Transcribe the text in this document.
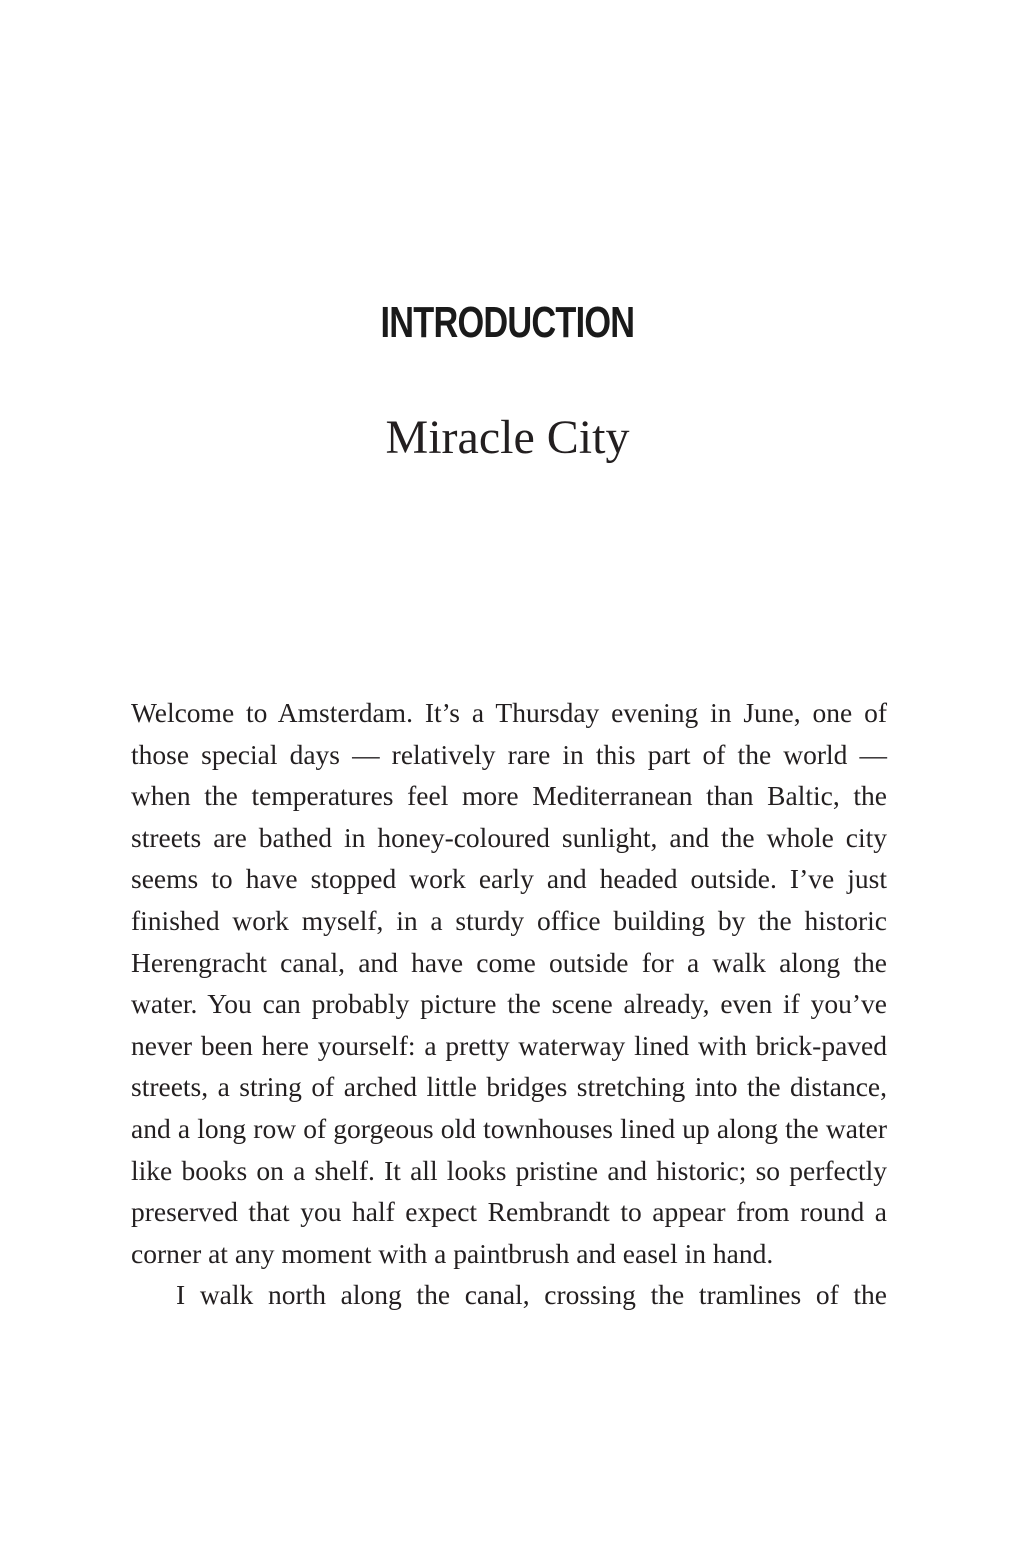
INTRODUCTION
Miracle City

Welcome to Amsterdam. It’s a Thursday evening in June, one of those special days — relatively rare in this part of the world — when the temperatures feel more Mediterranean than Baltic, the streets are bathed in honey-coloured sunlight, and the whole city seems to have stopped work early and headed outside. I’ve just finished work myself, in a sturdy office building by the historic Herengracht canal, and have come outside for a walk along the water. You can probably picture the scene already, even if you’ve never been here yourself: a pretty waterway lined with brick-paved streets, a string of arched little bridges stretching into the distance, and a long row of gorgeous old townhouses lined up along the water like books on a shelf. It all looks pristine and historic; so perfectly preserved that you half expect Rembrandt to appear from round a corner at any moment with a paintbrush and easel in hand.

I walk north along the canal, crossing the tramlines of the
